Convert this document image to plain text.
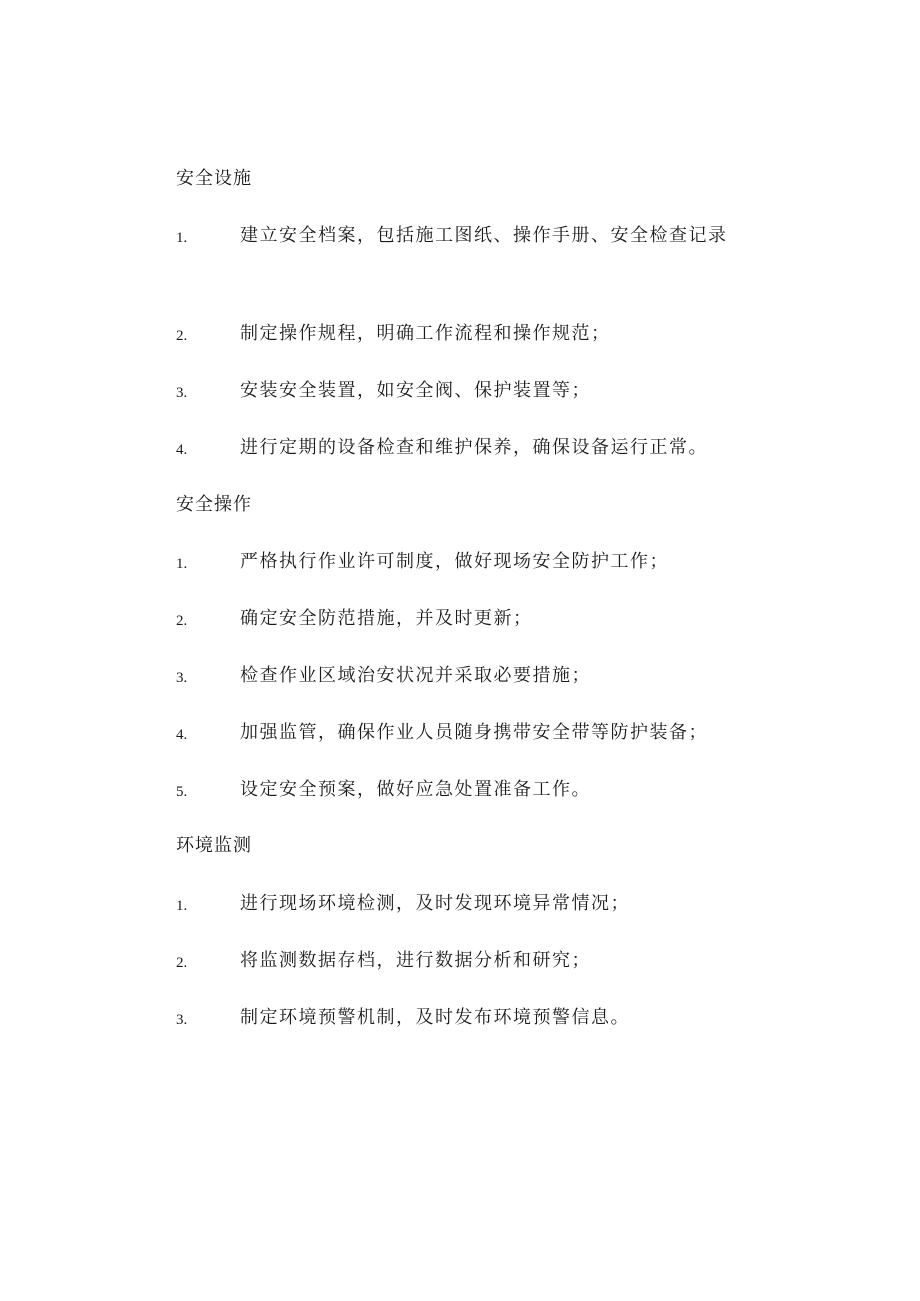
安全设施
1.	建立安全档案，包括施工图纸、操作手册、安全检查记录
2.	制定操作规程，明确工作流程和操作规范；
3.	安装安全装置，如安全阀、保护装置等；
4.	进行定期的设备检查和维护保养，确保设备运行正常。
安全操作
1.	严格执行作业许可制度，做好现场安全防护工作；
2.	确定安全防范措施，并及时更新；
3.	检查作业区域治安状况并采取必要措施；
4.	加强监管，确保作业人员随身携带安全带等防护装备；
5.	设定安全预案，做好应急处置准备工作。
环境监测
1.	进行现场环境检测，及时发现环境异常情况；
2.	将监测数据存档，进行数据分析和研究；
3.	制定环境预警机制，及时发布环境预警信息。
